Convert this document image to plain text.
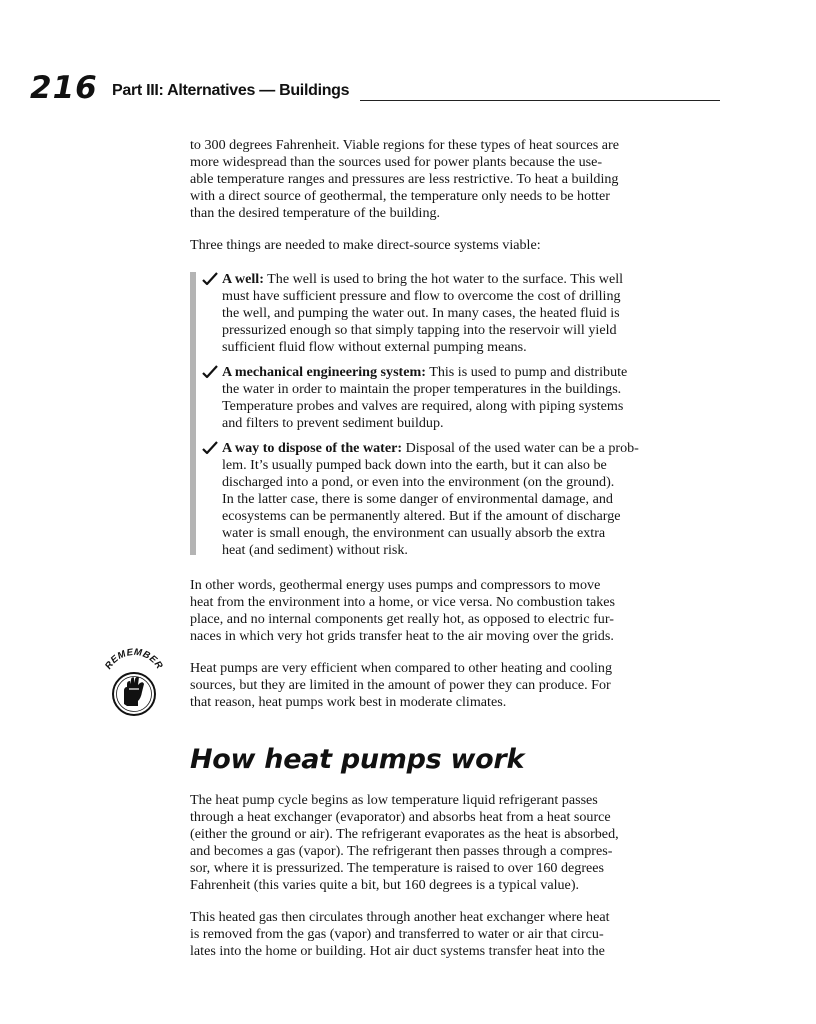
216 Part III: Alternatives — Buildings

to 300 degrees Fahrenheit. Viable regions for these types of heat sources are
more widespread than the sources used for power plants because the use-
able temperature ranges and pressures are less restrictive. To heat a building
with a direct source of geothermal, the temperature only needs to be hotter
than the desired temperature of the building.

Three things are needed to make direct-source systems viable:

A well: The well is used to bring the hot water to the surface. This well
must have sufficient pressure and flow to overcome the cost of drilling
the well, and pumping the water out. In many cases, the heated fluid is
pressurized enough so that simply tapping into the reservoir will yield
sufficient fluid flow without external pumping means.
A mechanical engineering system: This is used to pump and distribute
the water in order to maintain the proper temperatures in the buildings.
Temperature probes and valves are required, along with piping systems
and filters to prevent sediment buildup.
A way to dispose of the water: Disposal of the used water can be a prob-
lem. It’s usually pumped back down into the earth, but it can also be
discharged into a pond, or even into the environment (on the ground).
In the latter case, there is some danger of environmental damage, and
ecosystems can be permanently altered. But if the amount of discharge
water is small enough, the environment can usually absorb the extra
heat (and sediment) without risk.

In other words, geothermal energy uses pumps and compressors to move
heat from the environment into a home, or vice versa. No combustion takes
place, and no internal components get really hot, as opposed to electric fur-
naces in which very hot grids transfer heat to the air moving over the grids.

REMEMBER Heat pumps are very efficient when compared to other heating and cooling
sources, but they are limited in the amount of power they can produce. For
that reason, heat pumps work best in moderate climates.

How heat pumps work

The heat pump cycle begins as low temperature liquid refrigerant passes
through a heat exchanger (evaporator) and absorbs heat from a heat source
(either the ground or air). The refrigerant evaporates as the heat is absorbed,
and becomes a gas (vapor). The refrigerant then passes through a compres-
sor, where it is pressurized. The temperature is raised to over 160 degrees
Fahrenheit (this varies quite a bit, but 160 degrees is a typical value).

This heated gas then circulates through another heat exchanger where heat
is removed from the gas (vapor) and transferred to water or air that circu-
lates into the home or building. Hot air duct systems transfer heat into the
